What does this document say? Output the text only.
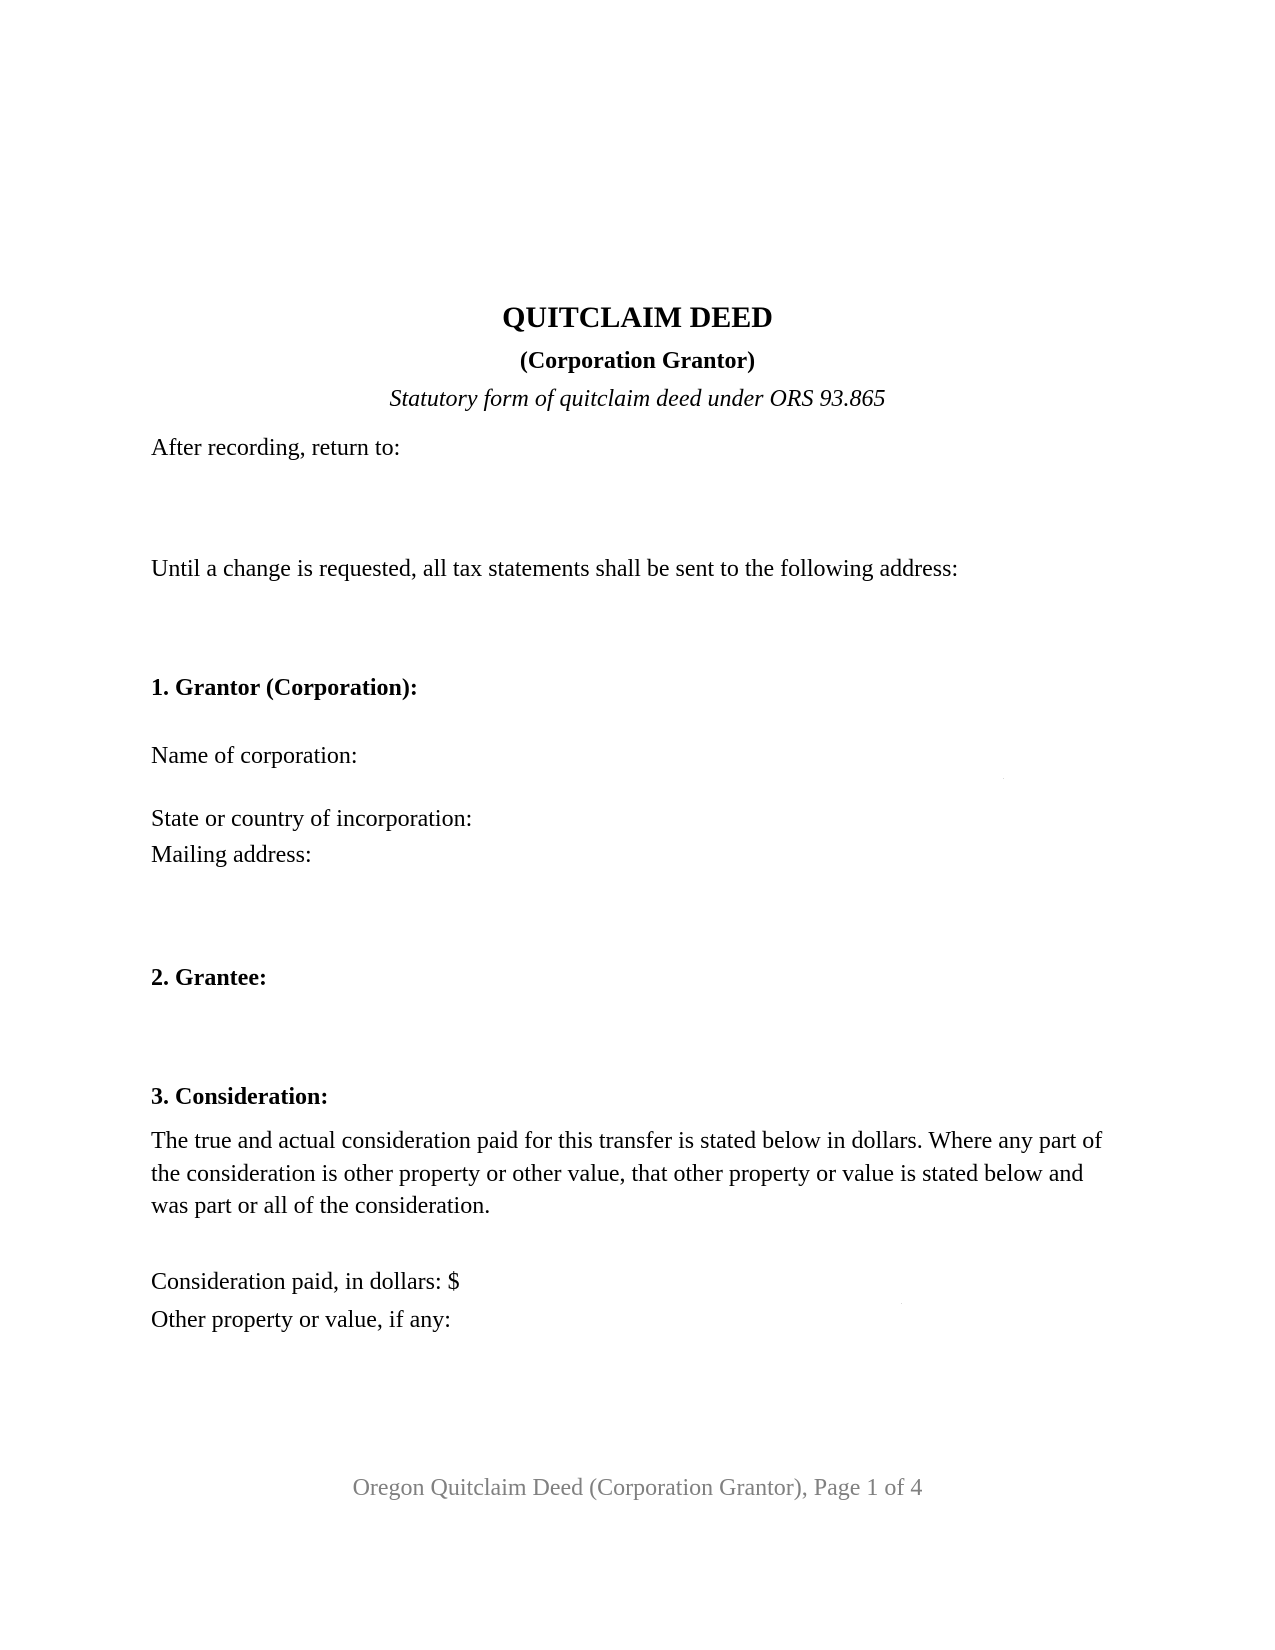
QUITCLAIM DEED
(Corporation Grantor)
Statutory form of quitclaim deed under ORS 93.865
After recording, return to:
Until a change is requested, all tax statements shall be sent to the following address:
1. Grantor (Corporation):
Name of corporation:
State or country of incorporation:
Mailing address:
2. Grantee:
3. Consideration:

The true and actual consideration paid for this transfer is stated below in dollars. Where any part of the consideration is other property or other value, that other property or value is stated below and was part or all of the consideration.

Consideration paid, in dollars: $
Other property or value, if any:
Oregon Quitclaim Deed (Corporation Grantor), Page 1 of 4
